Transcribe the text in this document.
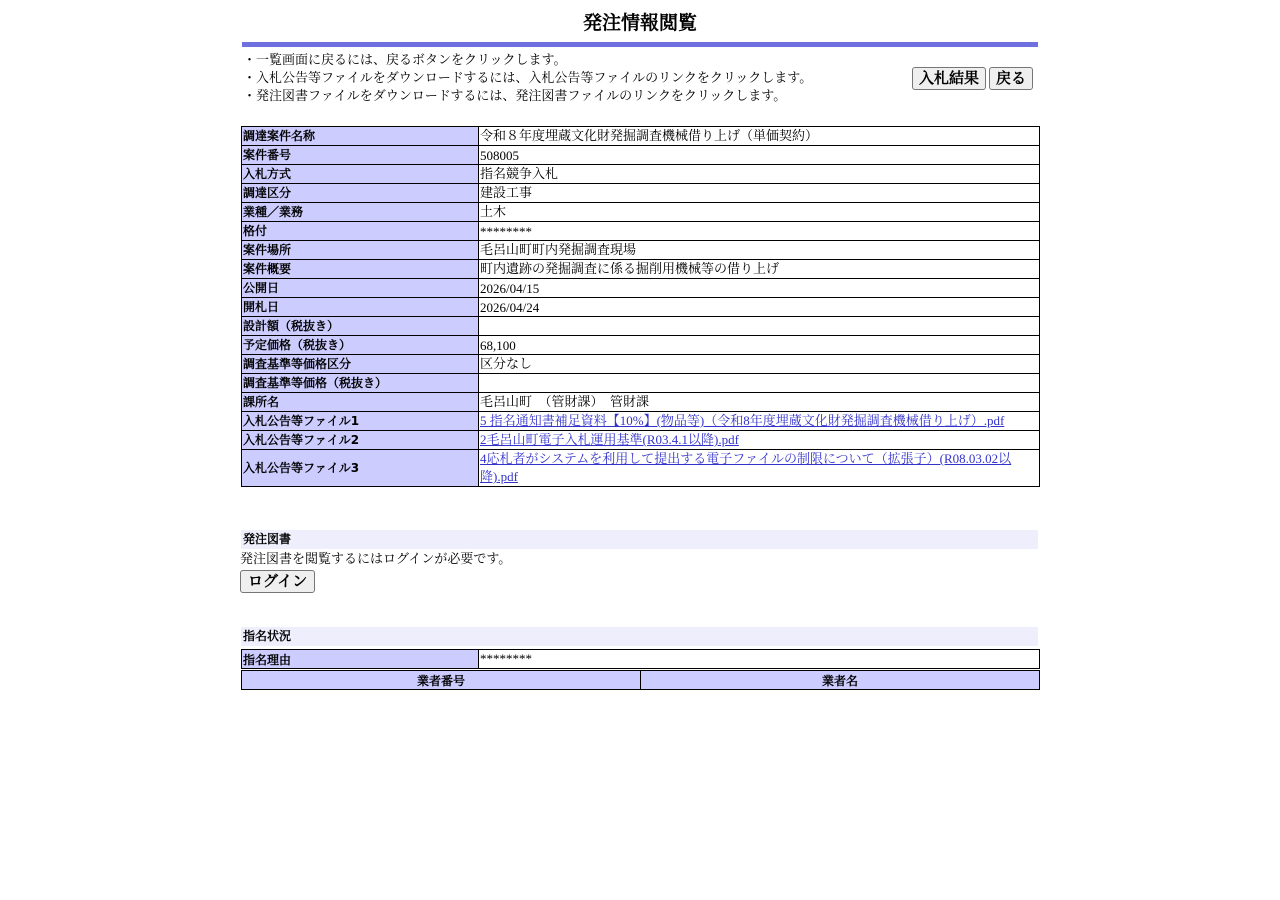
発注情報閲覧
・一覧画面に戻るには、戻るボタンをクリックします。
・入札公告等ファイルをダウンロードするには、入札公告等ファイルのリンクをクリックします。
・発注図書ファイルをダウンロードするには、発注図書ファイルのリンクをクリックします。
入札結果	戻る
調達案件名称	令和８年度埋蔵文化財発掘調査機械借り上げ（単価契約）
案件番号	508005
入札方式	指名競争入札
調達区分	建設工事
業種／業務	土木
格付	********
案件場所	毛呂山町町内発掘調査現場
案件概要	町内遺跡の発掘調査に係る掘削用機械等の借り上げ
公開日	2026/04/15
開札日	2026/04/24
設計額（税抜き）	
予定価格（税抜き）	68,100
調査基準等価格区分	区分なし
調査基準等価格（税抜き）	
課所名	毛呂山町　（管財課）　管財課
入札公告等ファイル1	5 指名通知書補足資料【10%】(物品等)（令和8年度埋蔵文化財発掘調査機械借り上げ）.pdf
入札公告等ファイル2	2毛呂山町電子入札運用基準(R03.4.1以降).pdf
入札公告等ファイル3	4応札者がシステムを利用して提出する電子ファイルの制限について（拡張子）(R08.03.02以降).pdf
発注図書
発注図書を閲覧するにはログインが必要です。
ログイン
指名状況
指名理由	********
業者番号	業者名
